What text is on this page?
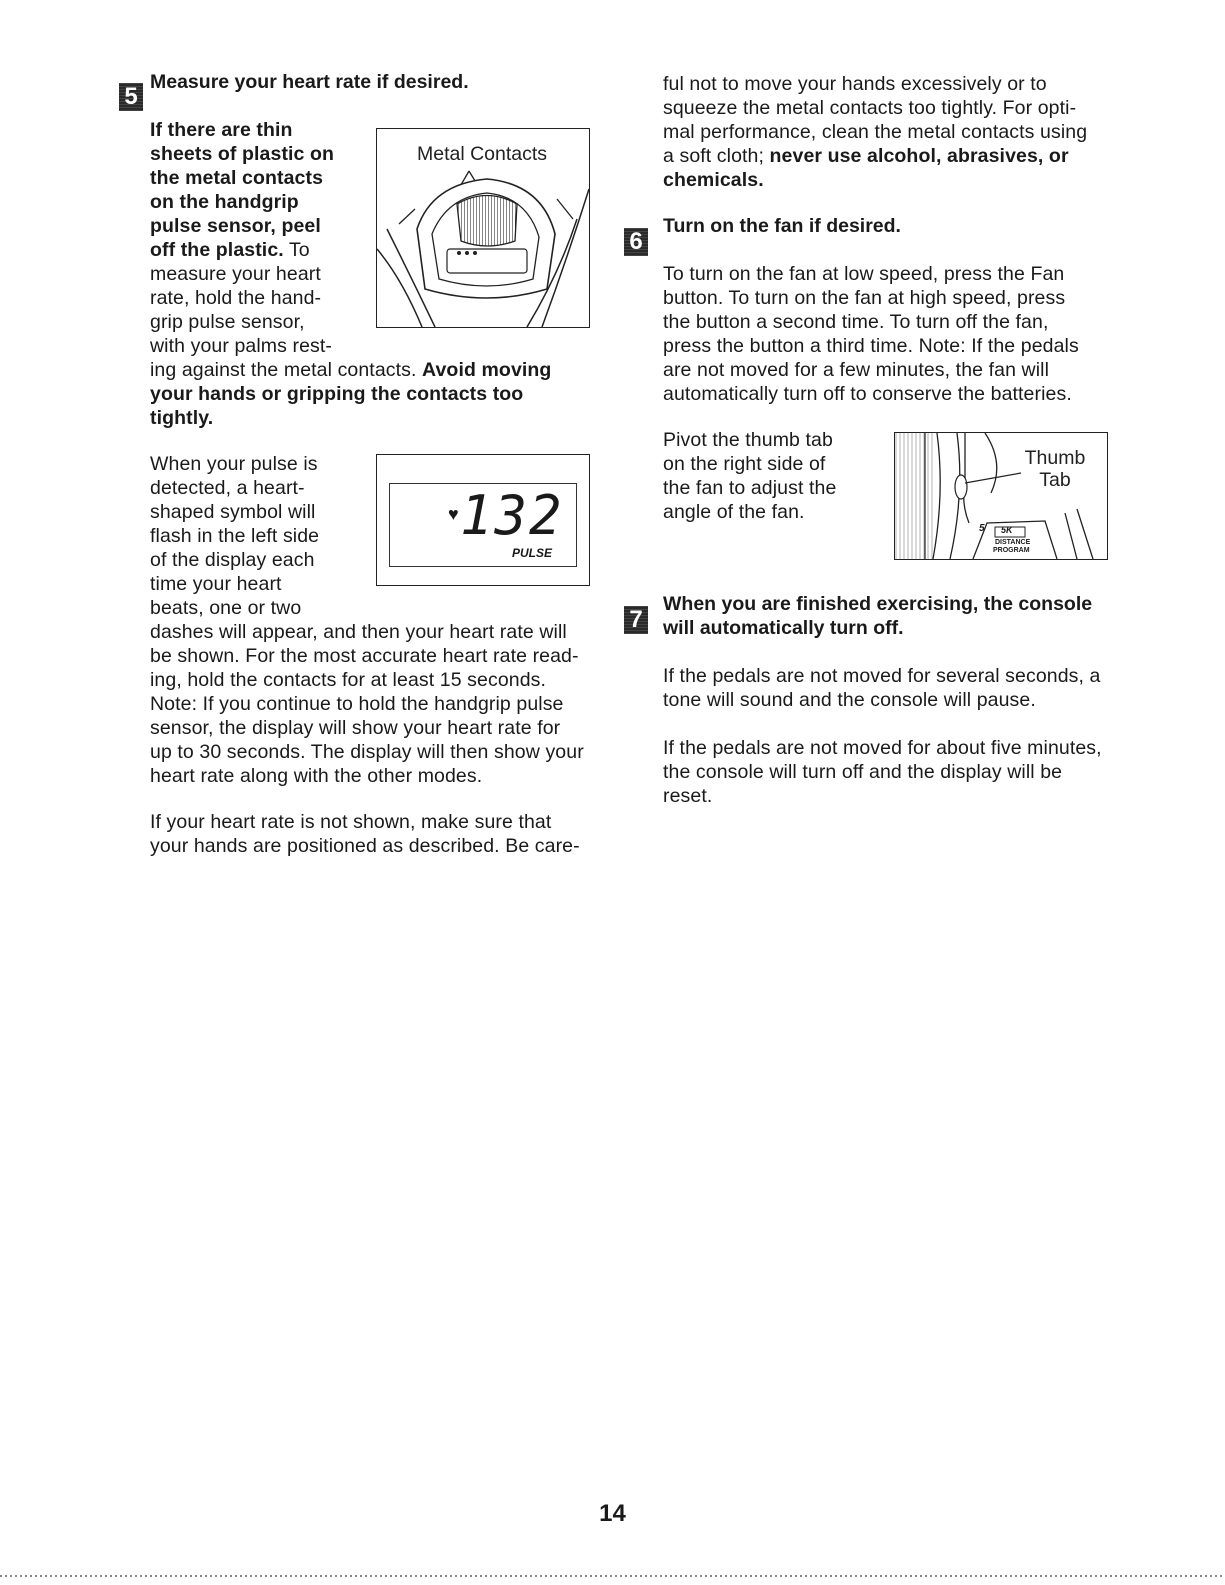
5
Measure your heart rate if desired.
If there are thin
sheets of plastic on
the metal contacts
on the handgrip
pulse sensor, peel
off the plastic. To
measure your heart
rate, hold the hand-
grip pulse sensor,
with your palms rest-
ing against the metal contacts. Avoid moving
your hands or gripping the contacts too
tightly.
Metal Contacts
When your pulse is
detected, a heart-
shaped symbol will
flash in the left side
of the display each
time your heart
beats, one or two
dashes will appear, and then your heart rate will
be shown. For the most accurate heart rate read-
ing, hold the contacts for at least 15 seconds.
Note: If you continue to hold the handgrip pulse
sensor, the display will show your heart rate for
up to 30 seconds. The display will then show your
heart rate along with the other modes.
♥ 132
PULSE
If your heart rate is not shown, make sure that
your hands are positioned as described. Be care-
ful not to move your hands excessively or to
squeeze the metal contacts too tightly. For opti-
mal performance, clean the metal contacts using
a soft cloth; never use alcohol, abrasives, or
chemicals.
6
Turn on the fan if desired.
To turn on the fan at low speed, press the Fan
button. To turn on the fan at high speed, press
the button a second time. To turn off the fan,
press the button a third time. Note: If the pedals
are not moved for a few minutes, the fan will
automatically turn off to conserve the batteries.
Pivot the thumb tab
on the right side of
the fan to adjust the
angle of the fan.
Thumb Tab
5 5K
DISTANCE
PROGRAM
7
When you are finished exercising, the console will automatically turn off.
If the pedals are not moved for several seconds, a tone will sound and the console will pause.
If the pedals are not moved for about five minutes, the console will turn off and the display will be reset.
14
